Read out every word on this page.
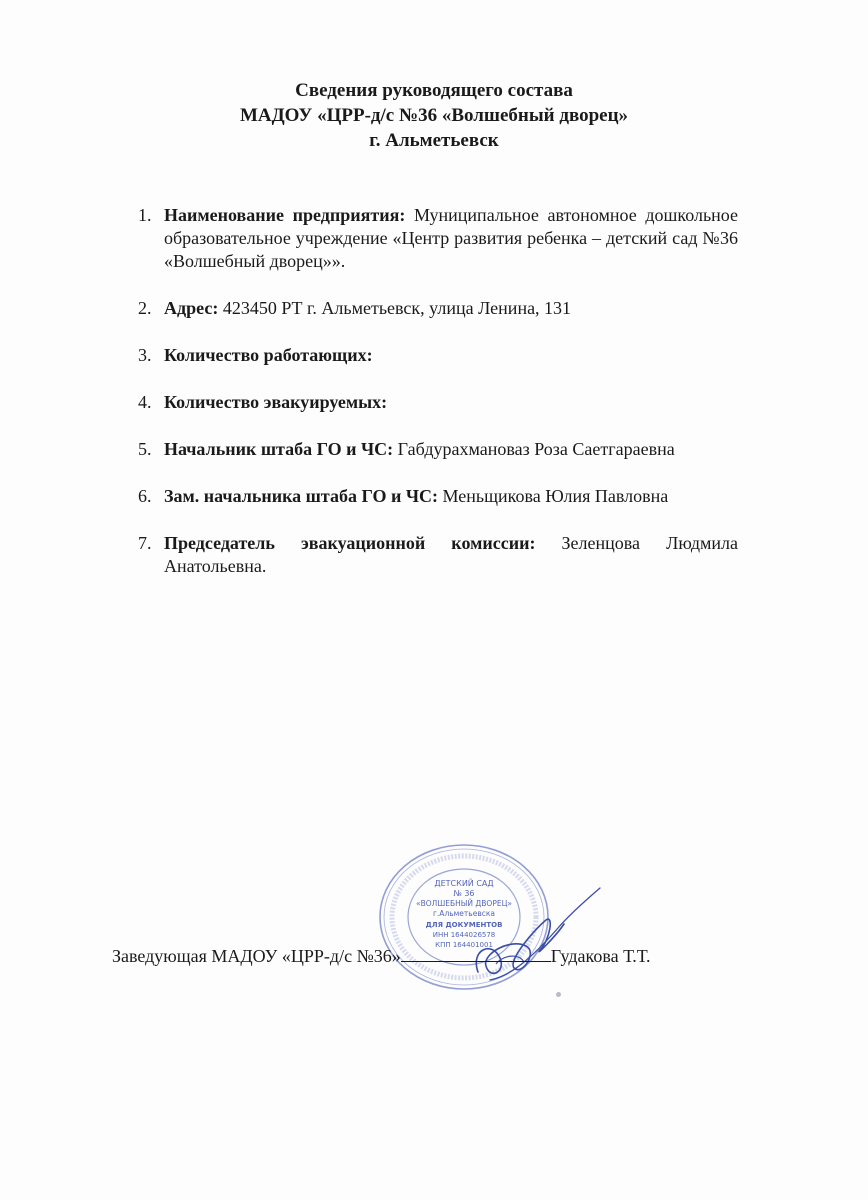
Сведения руководящего состава
МАДОУ «ЦРР-д/с №36 «Волшебный дворец»
г. Альметьевск
1. Наименование предприятия: Муниципальное автономное дошкольное образовательное учреждение «Центр развития ребенка – детский сад №36 «Волшебный дворец»».
2. Адрес: 423450 РТ г. Альметьевск, улица Ленина, 131
3. Количество работающих:
4. Количество эвакуируемых:
5. Начальник штаба ГО и ЧС: Габдурахмановаз Роза Саетгараевна
6. Зам. начальника штаба ГО и ЧС: Меньщикова Юлия Павловна
7. Председатель эвакуационной комиссии: Зеленцова Людмила Анатольевна.
ДЕТСКИЙ САД
№ 36
«ВОЛШЕБНЫЙ ДВОРЕЦ»
г.Альметьевска
ДЛЯ ДОКУМЕНТОВ
ИНН 1644026578
КПП 164401001
Заведующая МАДОУ «ЦРР-д/с №36»	Гудакова Т.Т.
